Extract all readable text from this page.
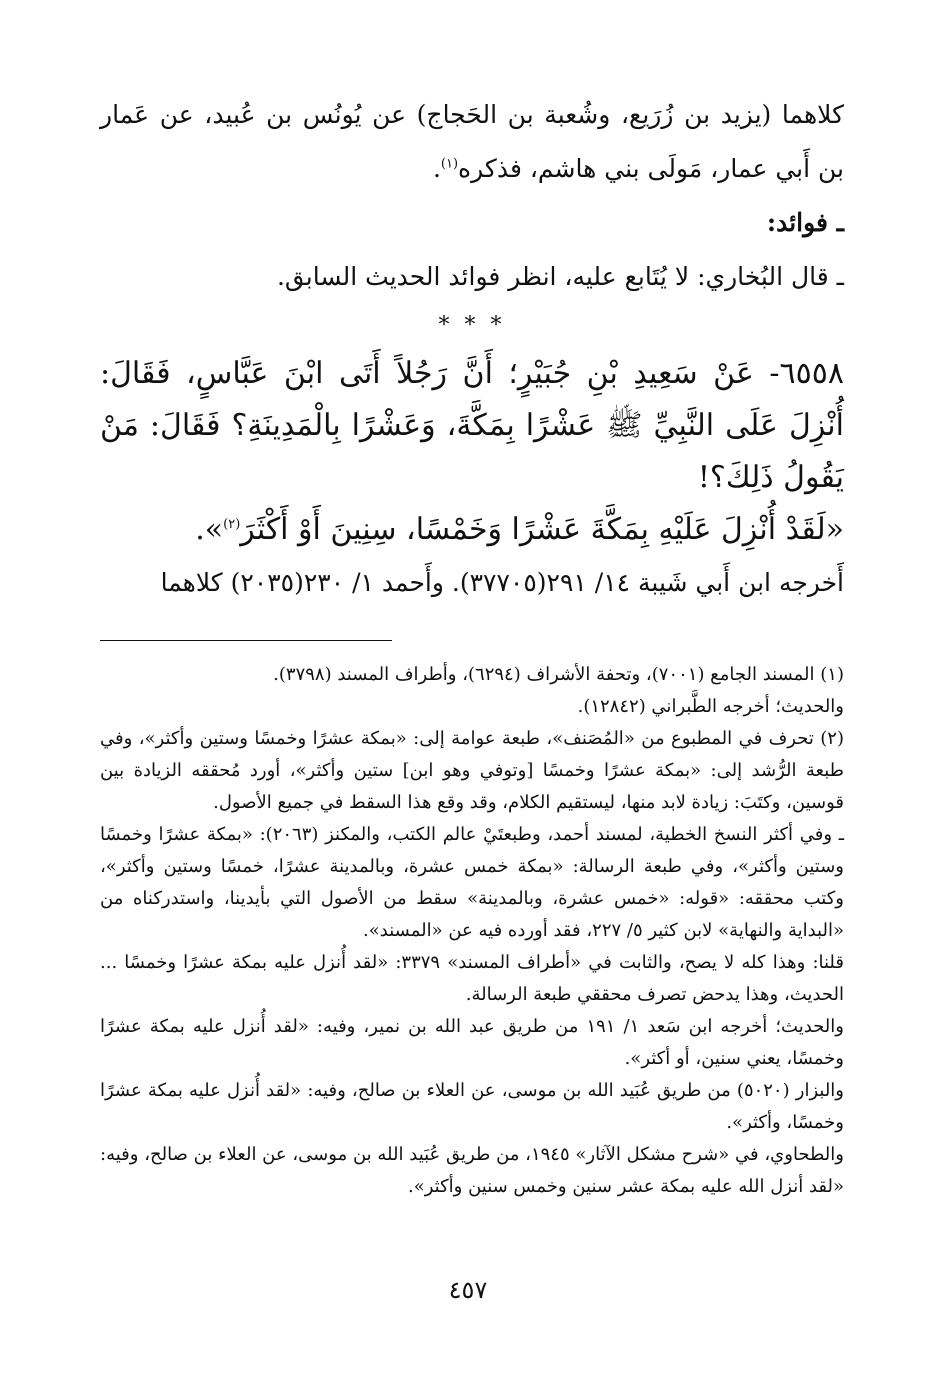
كلاهما (يزيد بن زُرَيع، وشُعبة بن الحَجاج) عن يُونُس بن عُبيد، عن عَمار بن أَبي عمار، مَولَى بني هاشم، فذكره$^{(١)}$.

ـ فوائد:

ـ قال البُخاري: لا يُتَابع عليه، انظر فوائد الحديث السابق.

* * *

٦٥٥٨- عَنْ سَعِيدِ بْنِ جُبَيْرٍ؛ أَنَّ رَجُلاً أَتَى ابْنَ عَبَّاسٍ، فَقَالَ: أُنْزِلَ عَلَى النَّبِيِّ ﷺ عَشْرًا بِمَكَّةَ، وَعَشْرًا بِالْمَدِينَةِ؟ فَقَالَ: مَنْ يَقُولُ ذَلِكَ؟!

«لَقَدْ أُنْزِلَ عَلَيْهِ بِمَكَّةَ عَشْرًا وَخَمْسًا، سِنِينَ أَوْ أَكْثَرَ$^{(٢)}$».

أَخرجه ابن أَبي شَيبة ١٤/ ٢٩١(٣٧٧٠٥). وأَحمد ١/ ٢٣٠(٢٠٣٥) كلاهما

(١) المسند الجامع (٧٠٠١)، وتحفة الأشراف (٦٢٩٤)، وأطراف المسند (٣٧٩٨).

والحديث؛ أخرجه الطَّبراني (١٢٨٤٢).

(٢) تحرف في المطبوع من «المُصَنف»، طبعة عوامة إلى: «بمكة عشرًا وخمسًا وستين وأكثر»، وفي طبعة الرُّشد إلى: «بمكة عشرًا وخمسًا [وتوفي وهو ابن] ستين وأكثر»، أورد مُحققه الزيادة بين قوسين، وكتَبَ: زيادة لابد منها، ليستقيم الكلام، وقد وقع هذا السقط في جميع الأصول.

ـ وفي أكثر النسخ الخطية، لمسند أحمد، وطبعتَيْ عالم الكتب، والمكنز (٢٠٦٣): «بمكة عشرًا وخمسًا وستين وأكثر»، وفي طبعة الرسالة: «بمكة خمس عشرة، وبالمدينة عشرًا، خمسًا وستين وأكثر»، وكتب محققه: «قوله: «خمس عشرة، وبالمدينة» سقط من الأصول التي بأيدينا، واستدركناه من «البداية والنهاية» لابن كثير ٥/ ٢٢٧، فقد أورده فيه عن «المسند».

قلنا: وهذا كله لا يصح، والثابت في «أطراف المسند» ٣٣٧٩: «لقد أُنزل عليه بمكة عشرًا وخمسًا ... الحديث، وهذا يدحض تصرف محققي طبعة الرسالة.

والحديث؛ أخرجه ابن سَعد ١/ ١٩١ من طريق عبد الله بن نمير، وفيه: «لقد أُنزل عليه بمكة عشرًا وخمسًا، يعني سنين، أو أكثر».

والبزار (٥٠٢٠) من طريق عُبَيد الله بن موسى، عن العلاء بن صالح، وفيه: «لقد أُنزل عليه بمكة عشرًا وخمسًا، وأكثر».

والطحاوي، في «شرح مشكل الآثار» ١٩٤٥، من طريق عُبَيد الله بن موسى، عن العلاء بن صالح، وفيه: «لقد أنزل الله عليه بمكة عشر سنين وخمس سنين وأكثر».

٤٥٧
